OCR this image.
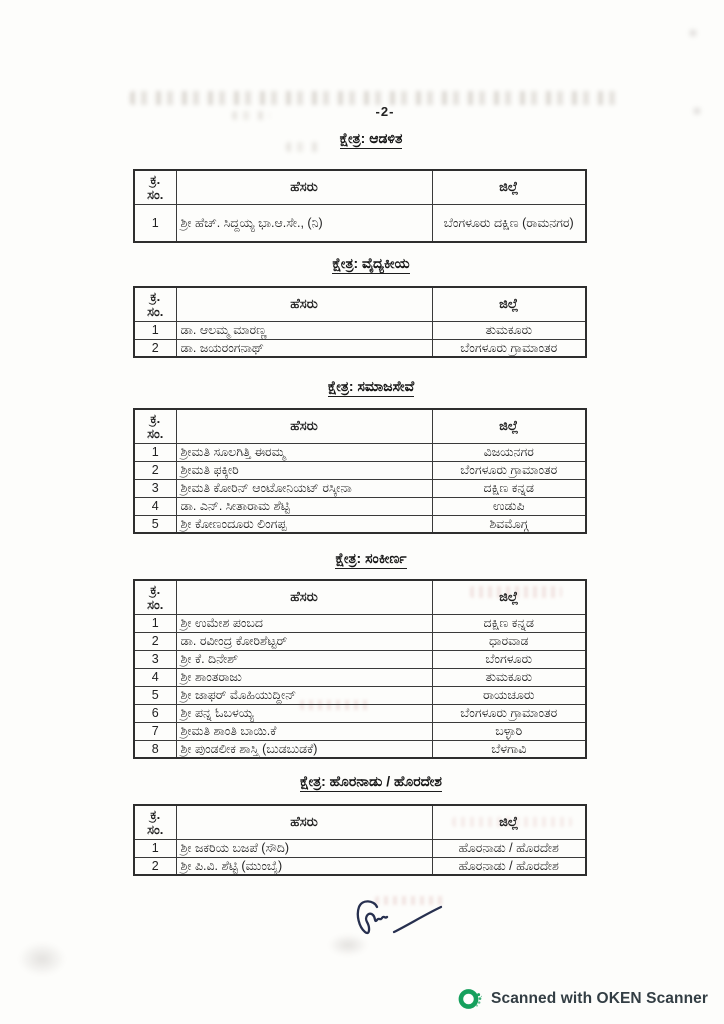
-2-
ಕ್ಷೇತ್ರ: ಆಡಳಿತ
ಕ್ರ.
ಸಂ.	ಹೆಸರು	ಜಿಲ್ಲೆ
1	ಶ್ರೀ ಹೆಚ್. ಸಿದ್ದಯ್ಯ ಭಾ.ಆ.ಸೇ., (ನಿ)	ಬೆಂಗಳೂರು ದಕ್ಷಿಣ (ರಾಮನಗರ)
ಕ್ಷೇತ್ರ: ವೈದ್ಯಕೀಯ
ಕ್ರ.
ಸಂ.	ಹೆಸರು	ಜಿಲ್ಲೆ
1	ಡಾ. ಆಲಮ್ಮ ಮಾರಣ್ಣ	ತುಮಕೂರು
2	ಡಾ. ಜಯರಂಗನಾಥ್	ಬೆಂಗಳೂರು ಗ್ರಾಮಾಂತರ
ಕ್ಷೇತ್ರ: ಸಮಾಜಸೇವೆ
ಕ್ರ.
ಸಂ.	ಹೆಸರು	ಜಿಲ್ಲೆ
1	ಶ್ರೀಮತಿ ಸೂಲಗಿತ್ತಿ ಈರಮ್ಮ	ವಿಜಯನಗರ
2	ಶ್ರೀಮತಿ ಫಕ್ಕೀರಿ	ಬೆಂಗಳೂರು ಗ್ರಾಮಾಂತರ
3	ಶ್ರೀಮತಿ ಕೋರಿನ್ ಆಂಟೋನಿಯಟ್ ರಸ್ಕೀನಾ	ದಕ್ಷಿಣ ಕನ್ನಡ
4	ಡಾ. ಎನ್. ಸೀತಾರಾಮ ಶೆಟ್ಟಿ	ಉಡುಪಿ
5	ಶ್ರೀ ಕೋಣಂದೂರು ಲಿಂಗಪ್ಪ	ಶಿವಮೊಗ್ಗ
ಕ್ಷೇತ್ರ: ಸಂಕೀರ್ಣ
ಕ್ರ.
ಸಂ.	ಹೆಸರು	ಜಿಲ್ಲೆ
1	ಶ್ರೀ ಉಮೇಶ ಪಂಬದ	ದಕ್ಷಿಣ ಕನ್ನಡ
2	ಡಾ. ರವೀಂದ್ರ ಕೋರಿಶೆಟ್ಟರ್	ಧಾರವಾಡ
3	ಶ್ರೀ ಕೆ. ದಿನೇಶ್	ಬೆಂಗಳೂರು
4	ಶ್ರೀ ಶಾಂತರಾಜು	ತುಮಕೂರು
5	ಶ್ರೀ ಜಾಫರ್ ಮೊಹಿಯುದ್ದೀನ್	ರಾಯಚೂರು
6	ಶ್ರೀ ಪನ್ನ ಓಬಳಯ್ಯ	ಬೆಂಗಳೂರು ಗ್ರಾಮಾಂತರ
7	ಶ್ರೀಮತಿ ಶಾಂತಿ ಬಾಯಿ.ಕೆ	ಬಳ್ಳಾರಿ
8	ಶ್ರೀ ಪುಂಡಲೀಕ ಶಾಸ್ತ್ರಿ (ಬುಡಬುಡಕೆ)	ಬೆಳಗಾವಿ
ಕ್ಷೇತ್ರ: ಹೊರನಾಡು / ಹೊರದೇಶ
ಕ್ರ.
ಸಂ.	ಹೆಸರು	ಜಿಲ್ಲೆ
1	ಶ್ರೀ ಜಕರಿಯ ಬಜಪೆ (ಸೌದಿ)	ಹೊರನಾಡು / ಹೊರದೇಶ
2	ಶ್ರೀ ಪಿ.ವಿ. ಶೆಟ್ಟಿ (ಮುಂಬೈ)	ಹೊರನಾಡು / ಹೊರದೇಶ
Scanned with OKEN Scanner
